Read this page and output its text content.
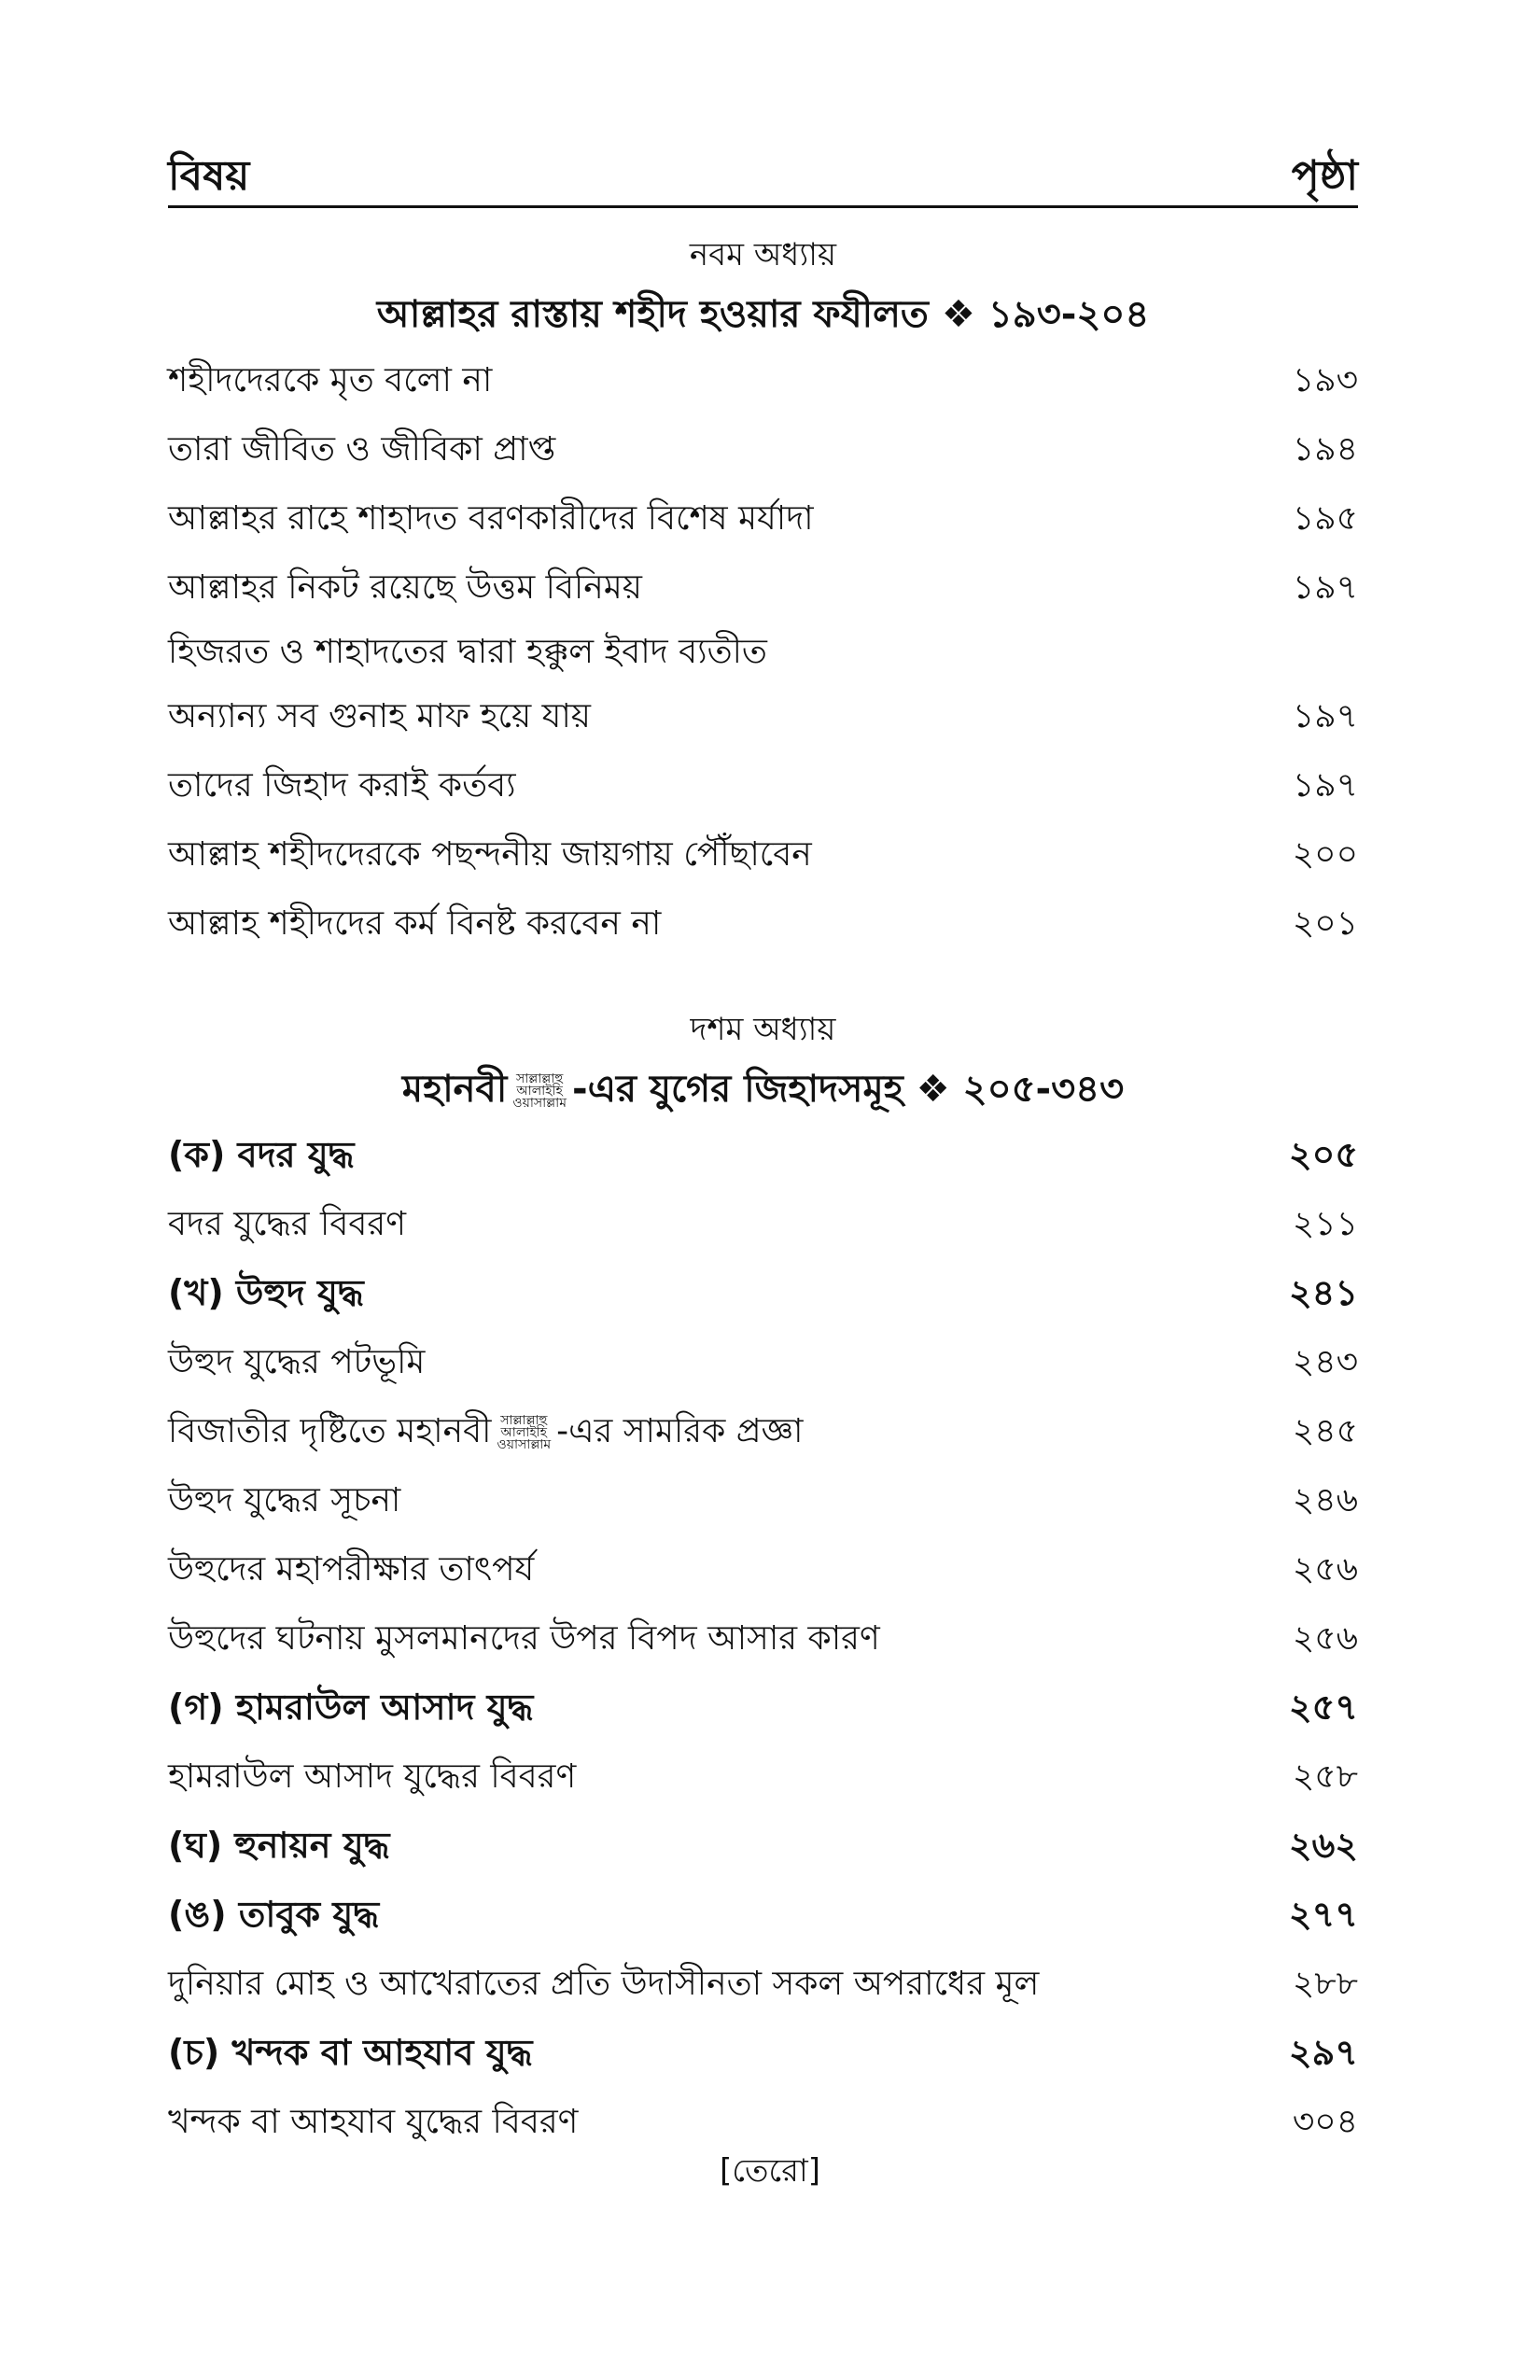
বিষয়	পৃষ্ঠা
নবম অধ্যায়
আল্লাহর রাস্তায় শহীদ হওয়ার ফযীলত ❖ ১৯৩-২০৪
শহীদদেরকে মৃত বলো না	১৯৩
তারা জীবিত ও জীবিকা প্রাপ্ত	১৯৪
আল্লাহর রাহে শাহাদত বরণকারীদের বিশেষ মর্যাদা	১৯৫
আল্লাহর নিকট রয়েছে উত্তম বিনিময়	১৯৭
হিজরত ও শাহাদতের দ্বারা হক্কুল ইবাদ ব্যতীত
অন্যান্য সব গুনাহ মাফ হয়ে যায়	১৯৭
তাদের জিহাদ করাই কর্তব্য	১৯৭
আল্লাহ শহীদদেরকে পছন্দনীয় জায়গায় পৌঁছাবেন	২০০
আল্লাহ শহীদদের কর্ম বিনষ্ট করবেন না	২০১
দশম অধ্যায়
মহানবী সাল্লাল্লাহু
আলাইহি
ওয়াসাল্লাম -এর যুগের জিহাদসমূহ ❖ ২০৫-৩৪৩
(ক) বদর যুদ্ধ	২০৫
বদর যুদ্ধের বিবরণ	২১১
(খ) উহুদ যুদ্ধ	২৪১
উহুদ যুদ্ধের পটভূমি	২৪৩
বিজাতীর দৃষ্টিতে মহানবী সাল্লাল্লাহু
আলাইহি
ওয়াসাল্লাম -এর সামরিক প্রজ্ঞা	২৪৫
উহুদ যুদ্ধের সূচনা	২৪৬
উহুদের মহাপরীক্ষার তাৎপর্য	২৫৬
উহুদের ঘটনায় মুসলমানদের উপর বিপদ আসার কারণ	২৫৬
(গ) হামরাউল আসাদ যুদ্ধ	২৫৭
হামরাউল আসাদ যুদ্ধের বিবরণ	২৫৮
(ঘ) হুনায়ন যুদ্ধ	২৬২
(ঙ) তাবুক যুদ্ধ	২৭৭
দুনিয়ার মোহ ও আখেরাতের প্রতি উদাসীনতা সকল অপরাধের মূল	২৮৮
(চ) খন্দক বা আহযাব যুদ্ধ	২৯৭
খন্দক বা আহযাব যুদ্ধের বিবরণ	৩০৪
[তেরো]
